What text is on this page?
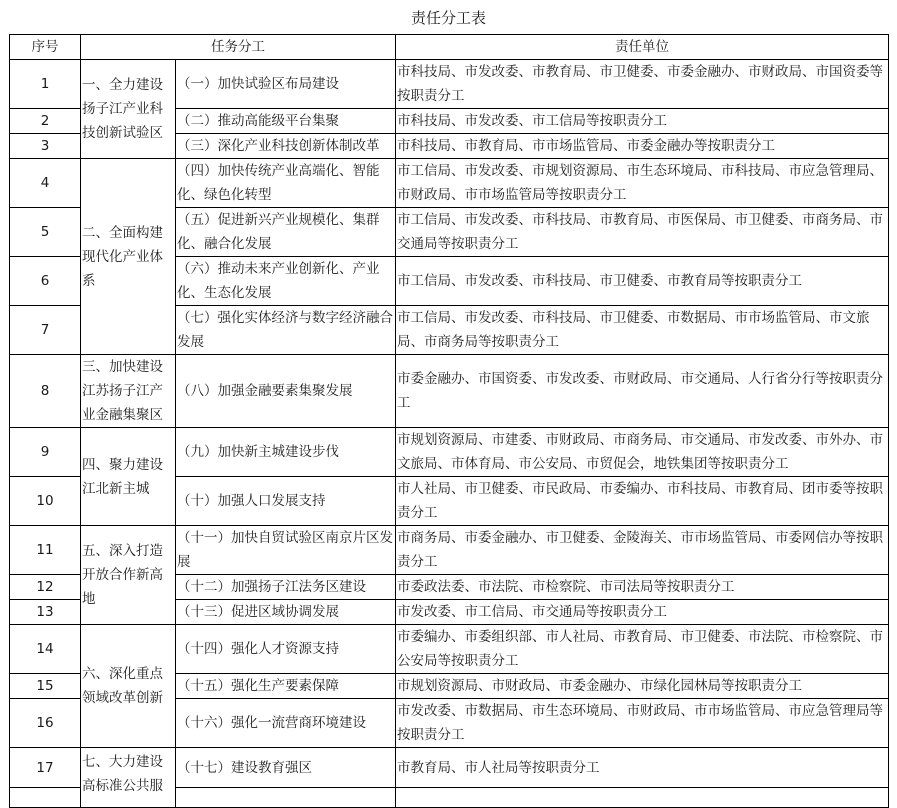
责任分工表
序号	任务分工		责任单位
1	一、全力建设扬子江产业科技创新试验区	（一）加快试验区布局建设	市科技局、市发改委、市教育局、市卫健委、市委金融办、市财政局、市国资委等按职责分工
2		（二）推动高能级平台集聚	市科技局、市发改委、市工信局等按职责分工
3		（三）深化产业科技创新体制改革	市科技局、市教育局、市市场监管局、市委金融办等按职责分工
4	二、全面构建现代化产业体系	（四）加快传统产业高端化、智能化、绿色化转型	市工信局、市发改委、市规划资源局、市生态环境局、市科技局、市应急管理局、市财政局、市市场监管局等按职责分工
5		（五）促进新兴产业规模化、集群化、融合化发展	市工信局、市发改委、市科技局、市教育局、市医保局、市卫健委、市商务局、市交通局等按职责分工
6		（六）推动未来产业创新化、产业化、生态化发展	市工信局、市发改委、市科技局、市卫健委、市教育局等按职责分工
7		（七）强化实体经济与数字经济融合发展	市工信局、市发改委、市科技局、市卫健委、市数据局、市市场监管局、市文旅局、市商务局等按职责分工
8	三、加快建设江苏扬子江产业金融集聚区	（八）加强金融要素集聚发展	市委金融办、市国资委、市发改委、市财政局、市交通局、人行省分行等按职责分工
9	四、聚力建设江北新主城	（九）加快新主城建设步伐	市规划资源局、市建委、市财政局、市商务局、市交通局、市发改委、市外办、市文旅局、市体育局、市公安局、市贸促会，地铁集团等按职责分工
10		（十）加强人口发展支持	市人社局、市卫健委、市民政局、市委编办、市科技局、市教育局、团市委等按职责分工
11	五、深入打造开放合作新高地	（十一）加快自贸试验区南京片区发展	市商务局、市委金融办、市卫健委、金陵海关、市市场监管局、市委网信办等按职责分工
12		（十二）加强扬子江法务区建设	市委政法委、市法院、市检察院、市司法局等按职责分工
13		（十三）促进区域协调发展	市发改委、市工信局、市交通局等按职责分工
14	六、深化重点领域改革创新	（十四）强化人才资源支持	市委编办、市委组织部、市人社局、市教育局、市卫健委、市法院、市检察院、市公安局等按职责分工
15		（十五）强化生产要素保障	市规划资源局、市财政局、市委金融办、市绿化园林局等按职责分工
16		（十六）强化一流营商环境建设	市发改委、市数据局、市生态环境局、市财政局、市市场监管局、市应急管理局等按职责分工
17	七、大力建设高标准公共服	（十七）建设教育强区	市教育局、市人社局等按职责分工
